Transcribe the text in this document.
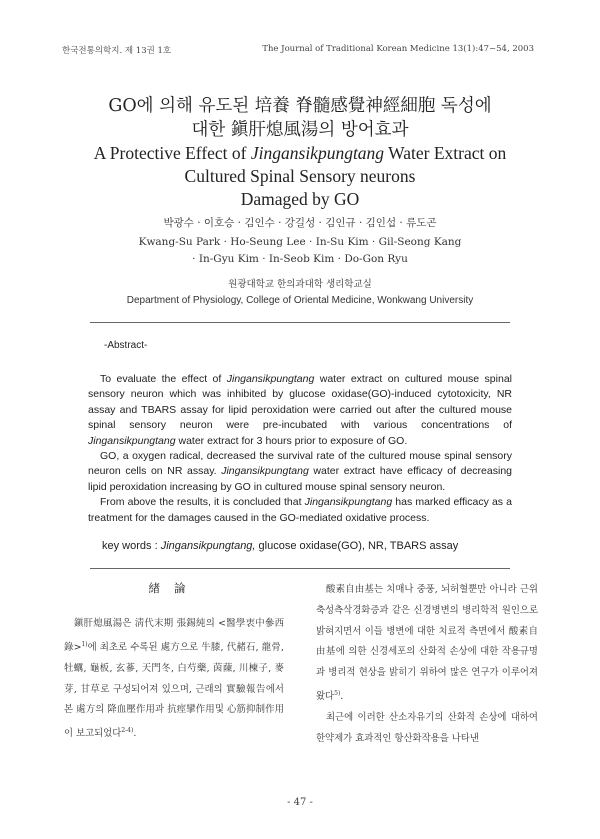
한국전통의학지. 제 13권 1호	The Journal of Traditional Korean Medicine 13(1):47~54, 2003
GO에 의해 유도된 培養 脊髓感覺神經細胞 독성에
대한 鎭肝熄風湯의 방어효과
A Protective Effect of Jingansikpungtang Water Extract on
Cultured Spinal Sensory neurons
Damaged by GO
박광수 · 이호승 · 김인수 · 강길성 · 김인규 · 김인섭 · 류도곤
Kwang-Su Park · Ho-Seung Lee · In-Su Kim · Gil-Seong Kang
· In-Gyu Kim · In-Seob Kim · Do-Gon Ryu
원광대학교 한의과대학 생리학교실
Department of Physiology, College of Oriental Medicine, Wonkwang University
-Abstract-

To evaluate the effect of Jingansikpungtang water extract on cultured mouse spinal sensory neuron which was inhibited by glucose oxidase(GO)-induced cytotoxicity, NR assay and TBARS assay for lipid peroxidation were carried out after the cultured mouse spinal sensory neuron were pre-incubated with various concentrations of Jingansikpungtang water extract for 3 hours prior to exposure of GO.

GO, a oxygen radical, decreased the survival rate of the cultured mouse spinal sensory neuron cells on NR assay. Jingansikpungtang water extract have efficacy of decreasing lipid peroxidation increasing by GO in cultured mouse spinal sensory neuron.

From above the results, it is concluded that Jingansikpungtang has marked efficacy as a treatment for the damages caused in the GO-mediated oxidative process.

key words : Jingansikpungtang, glucose oxidase(GO), NR, TBARS assay
緖論

鎭肝熄風湯은 淸代末期 張錫純의 <醫學衷中參西錄>$^{1)}$에 최초로 수록된 處方으로 牛膝, 代赭石, 龍骨, 牡蠣, 龜板, 玄蔘, 天門冬, 白芍藥, 茵蔯, 川楝子, 麥芽, 甘草로 구성되어져 있으며, 근래의 實驗報告에서 본 處方의 降血壓作用과 抗痙攣作用및 心筋抑制作用이 보고되었다$^{2-4)}$.

酸素自由基는 치매나 중풍, 뇌허혈뿐만 아니라 근위축성측삭경화증과 같은 신경병변의 병리학적 원인으로 밝혀지면서 이들 병변에 대한 치료적 측면에서 酸素自由基에 의한 신경세포의 산화적 손상에 대한 작용규명과 병리적 현상을 밝히기 위하여 많은 연구가 이루어져 왔다$^{5)}$.

최근에 이러한 산소자유기의 산화적 손상에 대하여 한약제가 효과적인 항산화작용을 나타낸

- 47 -
